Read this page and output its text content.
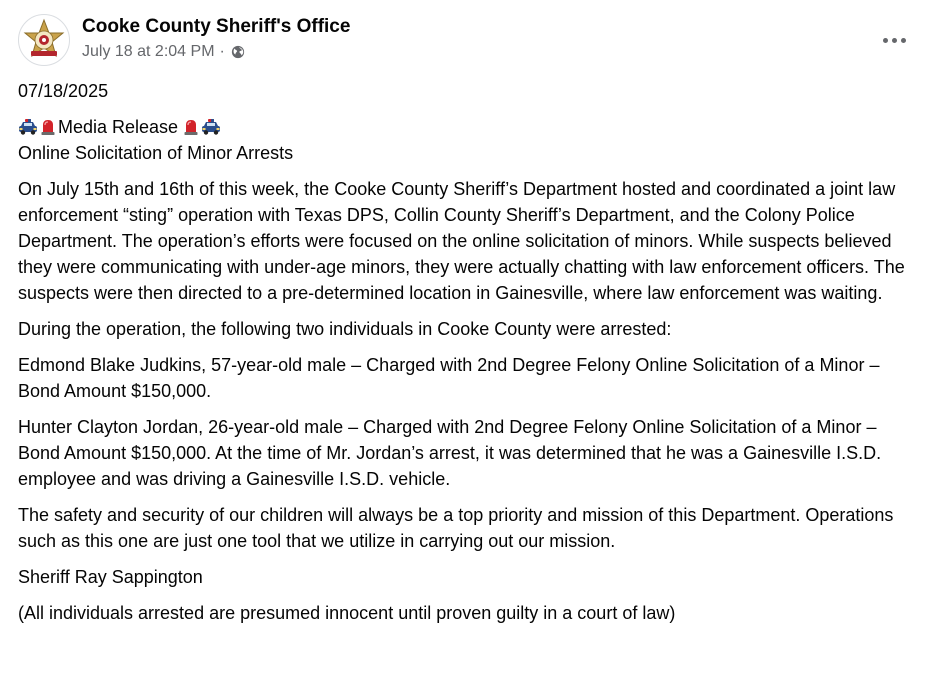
Cooke County Sheriff's Office
July 18 at 2:04 PM ·

07/18/2025

Media Release

Online Solicitation of Minor Arrests

On July 15th and 16th of this week, the Cooke County Sheriff’s Department hosted and coordinated a joint law enforcement “sting” operation with Texas DPS, Collin County Sheriff’s Department, and the Colony Police Department. The operation’s efforts were focused on the online solicitation of minors. While suspects believed they were communicating with under-age minors, they were actually chatting with law enforcement officers. The suspects were then directed to a pre-determined location in Gainesville, where law enforcement was waiting.

During the operation, the following two individuals in Cooke County were arrested:

Edmond Blake Judkins, 57-year-old male – Charged with 2nd Degree Felony Online Solicitation of a Minor – Bond Amount $150,000.

Hunter Clayton Jordan, 26-year-old male – Charged with 2nd Degree Felony Online Solicitation of a Minor – Bond Amount $150,000. At the time of Mr. Jordan’s arrest, it was determined that he was a Gainesville I.S.D. employee and was driving a Gainesville I.S.D. vehicle.

The safety and security of our children will always be a top priority and mission of this Department. Operations such as this one are just one tool that we utilize in carrying out our mission.

Sheriff Ray Sappington

(All individuals arrested are presumed innocent until proven guilty in a court of law)
